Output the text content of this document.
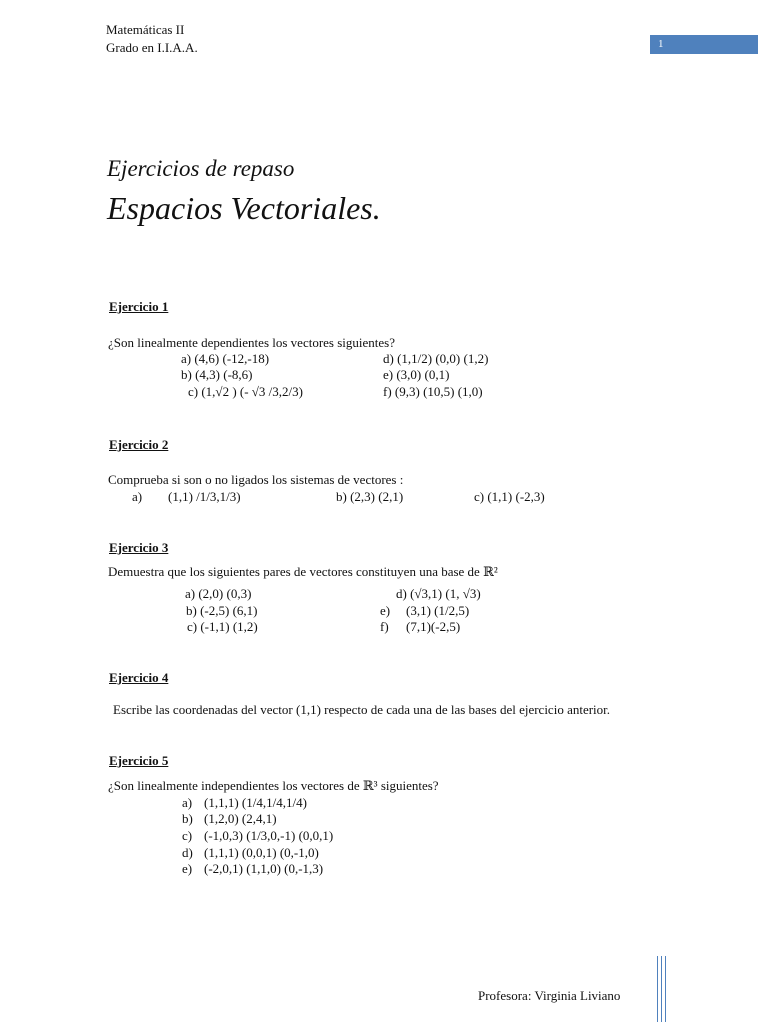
Matemáticas II
Grado en I.I.A.A.	1
Ejercicios de repaso
Espacios Vectoriales.
Ejercicio 1
¿Son linealmente dependientes los vectores siguientes?
a) (4,6) (-12,-18)
b) (4,3) (-8,6)
c) (1,√2 ) (- √3 /3,2/3)
d) (1,1/2) (0,0) (1,2)
e) (3,0) (0,1)
f) (9,3) (10,5) (1,0)
Ejercicio 2
Comprueba si son o no ligados los sistemas de vectores :
a) (1,1) /1/3,1/3)	b) (2,3) (2,1)	c) (1,1) (-2,3)
Ejercicio 3
Demuestra que los siguientes pares de vectores constituyen una base de ℝ²
a) (2,0) (0,3)
b) (-2,5) (6,1)
c) (-1,1) (1,2)
d) (√3,1) (1, √3)
e) (3,1) (1/2,5)
f) (7,1)(-2,5)
Ejercicio 4
Escribe las coordenadas del vector (1,1) respecto de cada una de las bases del ejercicio anterior.
Ejercicio 5
¿Son linealmente independientes los vectores de ℝ³ siguientes?
a) (1,1,1) (1/4,1/4,1/4)
b) (1,2,0) (2,4,1)
c) (-1,0,3) (1/3,0,-1) (0,0,1)
d) (1,1,1) (0,0,1) (0,-1,0)
e) (-2,0,1) (1,1,0) (0,-1,3)
Profesora: Virginia Liviano
